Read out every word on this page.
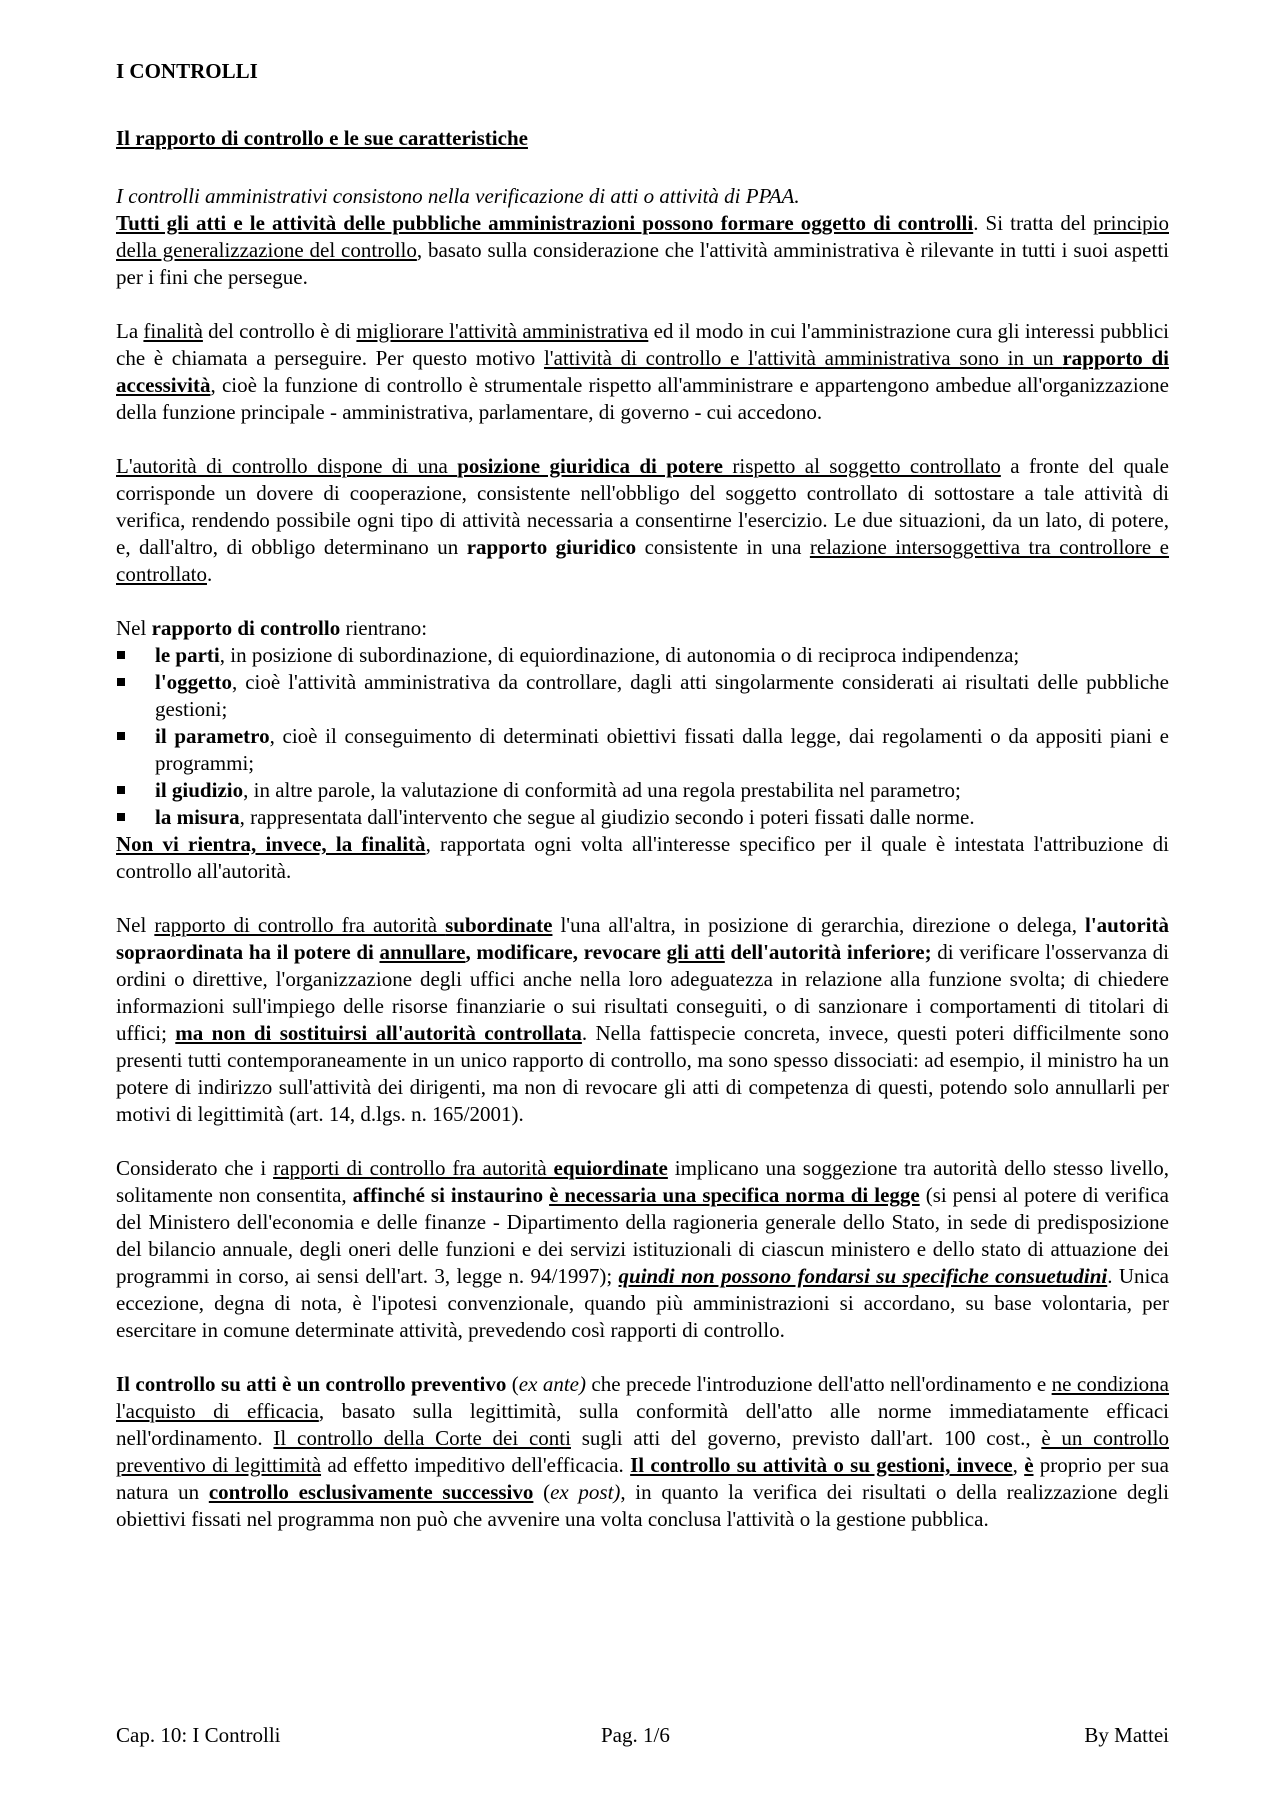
I CONTROLLI
Il rapporto di controllo e le sue caratteristiche

I controlli amministrativi consistono nella verificazione di atti o attività di PPAA.
Tutti gli atti e le attività delle pubbliche amministrazioni possono formare oggetto di controlli. Si tratta del principio della generalizzazione del controllo, basato sulla considerazione che l'attività amministrativa è rilevante in tutti i suoi aspetti per i fini che persegue.

La finalità del controllo è di migliorare l'attività amministrativa ed il modo in cui l'amministrazione cura gli interessi pubblici che è chiamata a perseguire. Per questo motivo l'attività di controllo e l'attività amministrativa sono in un rapporto di accessività, cioè la funzione di controllo è strumentale rispetto all'amministrare e appartengono ambedue all'organizzazione della funzione principale - amministrativa, parlamentare, di governo - cui accedono.

L'autorità di controllo dispone di una posizione giuridica di potere rispetto al soggetto controllato a fronte del quale corrisponde un dovere di cooperazione, consistente nell'obbligo del soggetto controllato di sottostare a tale attività di verifica, rendendo possibile ogni tipo di attività necessaria a consentirne l'esercizio. Le due situazioni, da un lato, di potere, e, dall'altro, di obbligo determinano un rapporto giuridico consistente in una relazione intersoggettiva tra controllore e controllato.

Nel rapporto di controllo rientrano:

le parti, in posizione di subordinazione, di equiordinazione, di autonomia o di reciproca indipendenza;
l'oggetto, cioè l'attività amministrativa da controllare, dagli atti singolarmente considerati ai risultati delle pubbliche gestioni;
il parametro, cioè il conseguimento di determinati obiettivi fissati dalla legge, dai regolamenti o da appositi piani e programmi;
il giudizio, in altre parole, la valutazione di conformità ad una regola prestabilita nel parametro;
la misura, rappresentata dall'intervento che segue al giudizio secondo i poteri fissati dalle norme.

Non vi rientra, invece, la finalità, rapportata ogni volta all'interesse specifico per il quale è intestata l'attribuzione di controllo all'autorità.

Nel rapporto di controllo fra autorità subordinate l'una all'altra, in posizione di gerarchia, direzione o delega, l'autorità sopraordinata ha il potere di annullare, modificare, revocare gli atti dell'autorità inferiore; di verificare l'osservanza di ordini o direttive, l'organizzazione degli uffici anche nella loro adeguatezza in relazione alla funzione svolta; di chiedere informazioni sull'impiego delle risorse finanziarie o sui risultati conseguiti, o di sanzionare i comportamenti di titolari di uffici; ma non di sostituirsi all'autorità controllata. Nella fattispecie concreta, invece, questi poteri difficilmente sono presenti tutti contemporaneamente in un unico rapporto di controllo, ma sono spesso dissociati: ad esempio, il ministro ha un potere di indirizzo sull'attività dei dirigenti, ma non di revocare gli atti di competenza di questi, potendo solo annullarli per motivi di legittimità (art. 14, d.lgs. n. 165/2001).

Considerato che i rapporti di controllo fra autorità equiordinate implicano una soggezione tra autorità dello stesso livello, solitamente non consentita, affinché si instaurino è necessaria una specifica norma di legge (si pensi al potere di verifica del Ministero dell'economia e delle finanze - Dipartimento della ragioneria generale dello Stato, in sede di predisposizione del bilancio annuale, degli oneri delle funzioni e dei servizi istituzionali di ciascun ministero e dello stato di attuazione dei programmi in corso, ai sensi dell'art. 3, legge n. 94/1997); quindi non possono fondarsi su specifiche consuetudini. Unica eccezione, degna di nota, è l'ipotesi convenzionale, quando più amministrazioni si accordano, su base volontaria, per esercitare in comune determinate attività, prevedendo così rapporti di controllo.

Il controllo su atti è un controllo preventivo (ex ante) che precede l'introduzione dell'atto nell'ordinamento e ne condiziona l'acquisto di efficacia, basato sulla legittimità, sulla conformità dell'atto alle norme immediatamente efficaci nell'ordinamento. Il controllo della Corte dei conti sugli atti del governo, previsto dall'art. 100 cost., è un controllo preventivo di legittimità ad effetto impeditivo dell'efficacia. Il controllo su attività o su gestioni, invece, è proprio per sua natura un controllo esclusivamente successivo (ex post), in quanto la verifica dei risultati o della realizzazione degli obiettivi fissati nel programma non può che avvenire una volta conclusa l'attività o la gestione pubblica.

Cap. 10: I Controlli	Pag. 1/6	By Mattei
